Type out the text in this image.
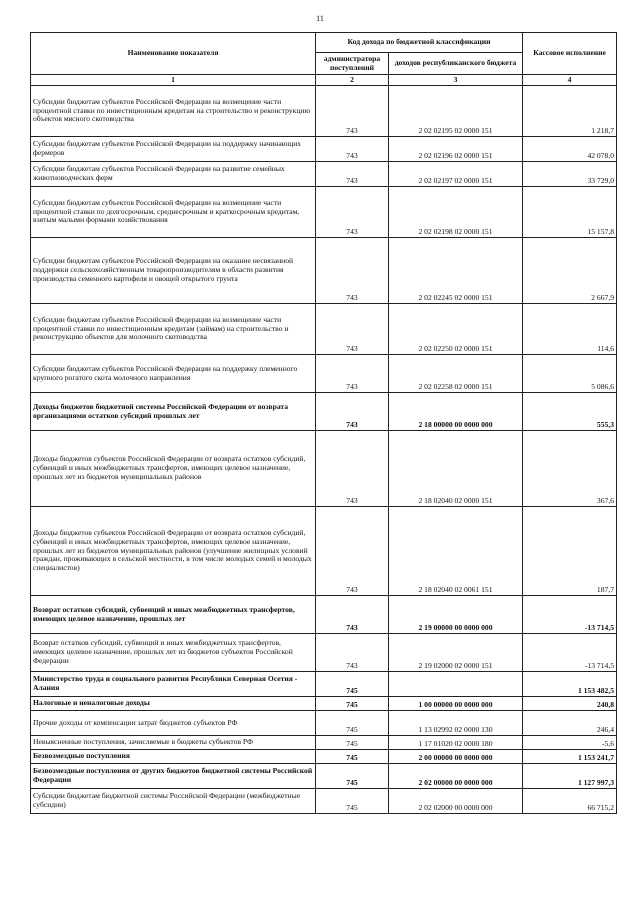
11
Наименование показателя	Код дохода по бюджетной классификации		Кассовое исполнение
	администратора поступлений	доходов республиканского бюджета	
1	2	3	4
Субсидии бюджетам субъектов Российской Федерации на возмещение части процентной ставки по инвестиционным кредитам на строительство и реконструкцию объектов мясного скотоводства	743	2 02 02195 02 0000 151	1 218,7
Субсидии бюджетам субъектов Российской Федерации на поддержку начинающих фермеров	743	2 02 02196 02 0000 151	42 078,0
Субсидии бюджетам субъектов Российской Федерации на развитие семейных животноводческих ферм	743	2 02 02197 02 0000 151	33 729,0
Субсидии бюджетам субъектов Российской Федерации на возмещение части процентной ставки по долгосрочным, среднесрочным и краткосрочным кредитам, взятым малыми формами хозяйствования	743	2 02 02198 02 0000 151	15 157,8
Субсидии бюджетам субъектов Российской Федерации на оказание несвязанной поддержки сельскохозяйственным товаропроизводителям в области развития производства семенного картофеля и овощей открытого грунта	743	2 02 02245 02 0000 151	2 667,9
Субсидии бюджетам субъектов Российской Федерации на возмещение части процентной ставки по инвестиционным кредитам (займам) на строительство и реконструкцию объектов для молочного скотоводства	743	2 02 02250 02 0000 151	114,6
Субсидии бюджетам субъектов Российской Федерации на поддержку племенного крупного рогатого скота молочного направления	743	2 02 02258 02 0000 151	5 086,6
Доходы бюджетов бюджетной системы Российской Федерации от возврата организациями остатков субсидий прошлых лет	743	2 18 00000 00 0000 000	555,3
Доходы бюджетов субъектов Российской Федерации от возврата остатков субсидий, субвенций и иных межбюджетных трансфертов, имеющих целевое назначение, прошлых лет из бюджетов муниципальных районов	743	2 18 02040 02 0000 151	367,6
Доходы бюджетов субъектов Российской Федерации от возврата остатков субсидий, субвенций и иных межбюджетных трансфертов, имеющих целевое назначение, прошлых лет из бюджетов муниципальных районов (улучшение жилищных условий граждан, проживающих в сельской местности, в том числе молодых семей и молодых специалистов)	743	2 18 02040 02 0061 151	187,7
Возврат остатков субсидий, субвенций и иных межбюджетных трансфертов, имеющих целевое назначение, прошлых лет	743	2 19 00000 00 0000 000	-13 714,5
Возврат остатков субсидий, субвенций и иных межбюджетных трансфертов, имеющих целевое назначение, прошлых лет из бюджетов субъектов Российской Федерации	743	2 19 02000 02 0000 151	-13 714,5
Министерство труда и социального развития Республики Северная Осетия - Алания	745		1 153 482,5
Налоговые и неналоговые доходы	745	1 00 00000 00 0000 000	240,8
Прочие доходы от компенсации затрат бюджетов субъектов РФ	745	1 13 02992 02 0000 130	246,4
Невыясненные поступления, зачисляемые в бюджеты субъектов РФ	745	1 17 01020 02 0000 180	-5,6
Безвозмездные поступления	745	2 00 00000 00 0000 000	1 153 241,7
Безвозмездные поступления от других бюджетов бюджетной системы Российской Федерации	745	2 02 00000 00 0000 000	1 127 997,3
Субсидии бюджетам бюджетной системы Российской Федерации (межбюджетные субсидии)	745	2 02 02000 00 0000 000	66 715,2
